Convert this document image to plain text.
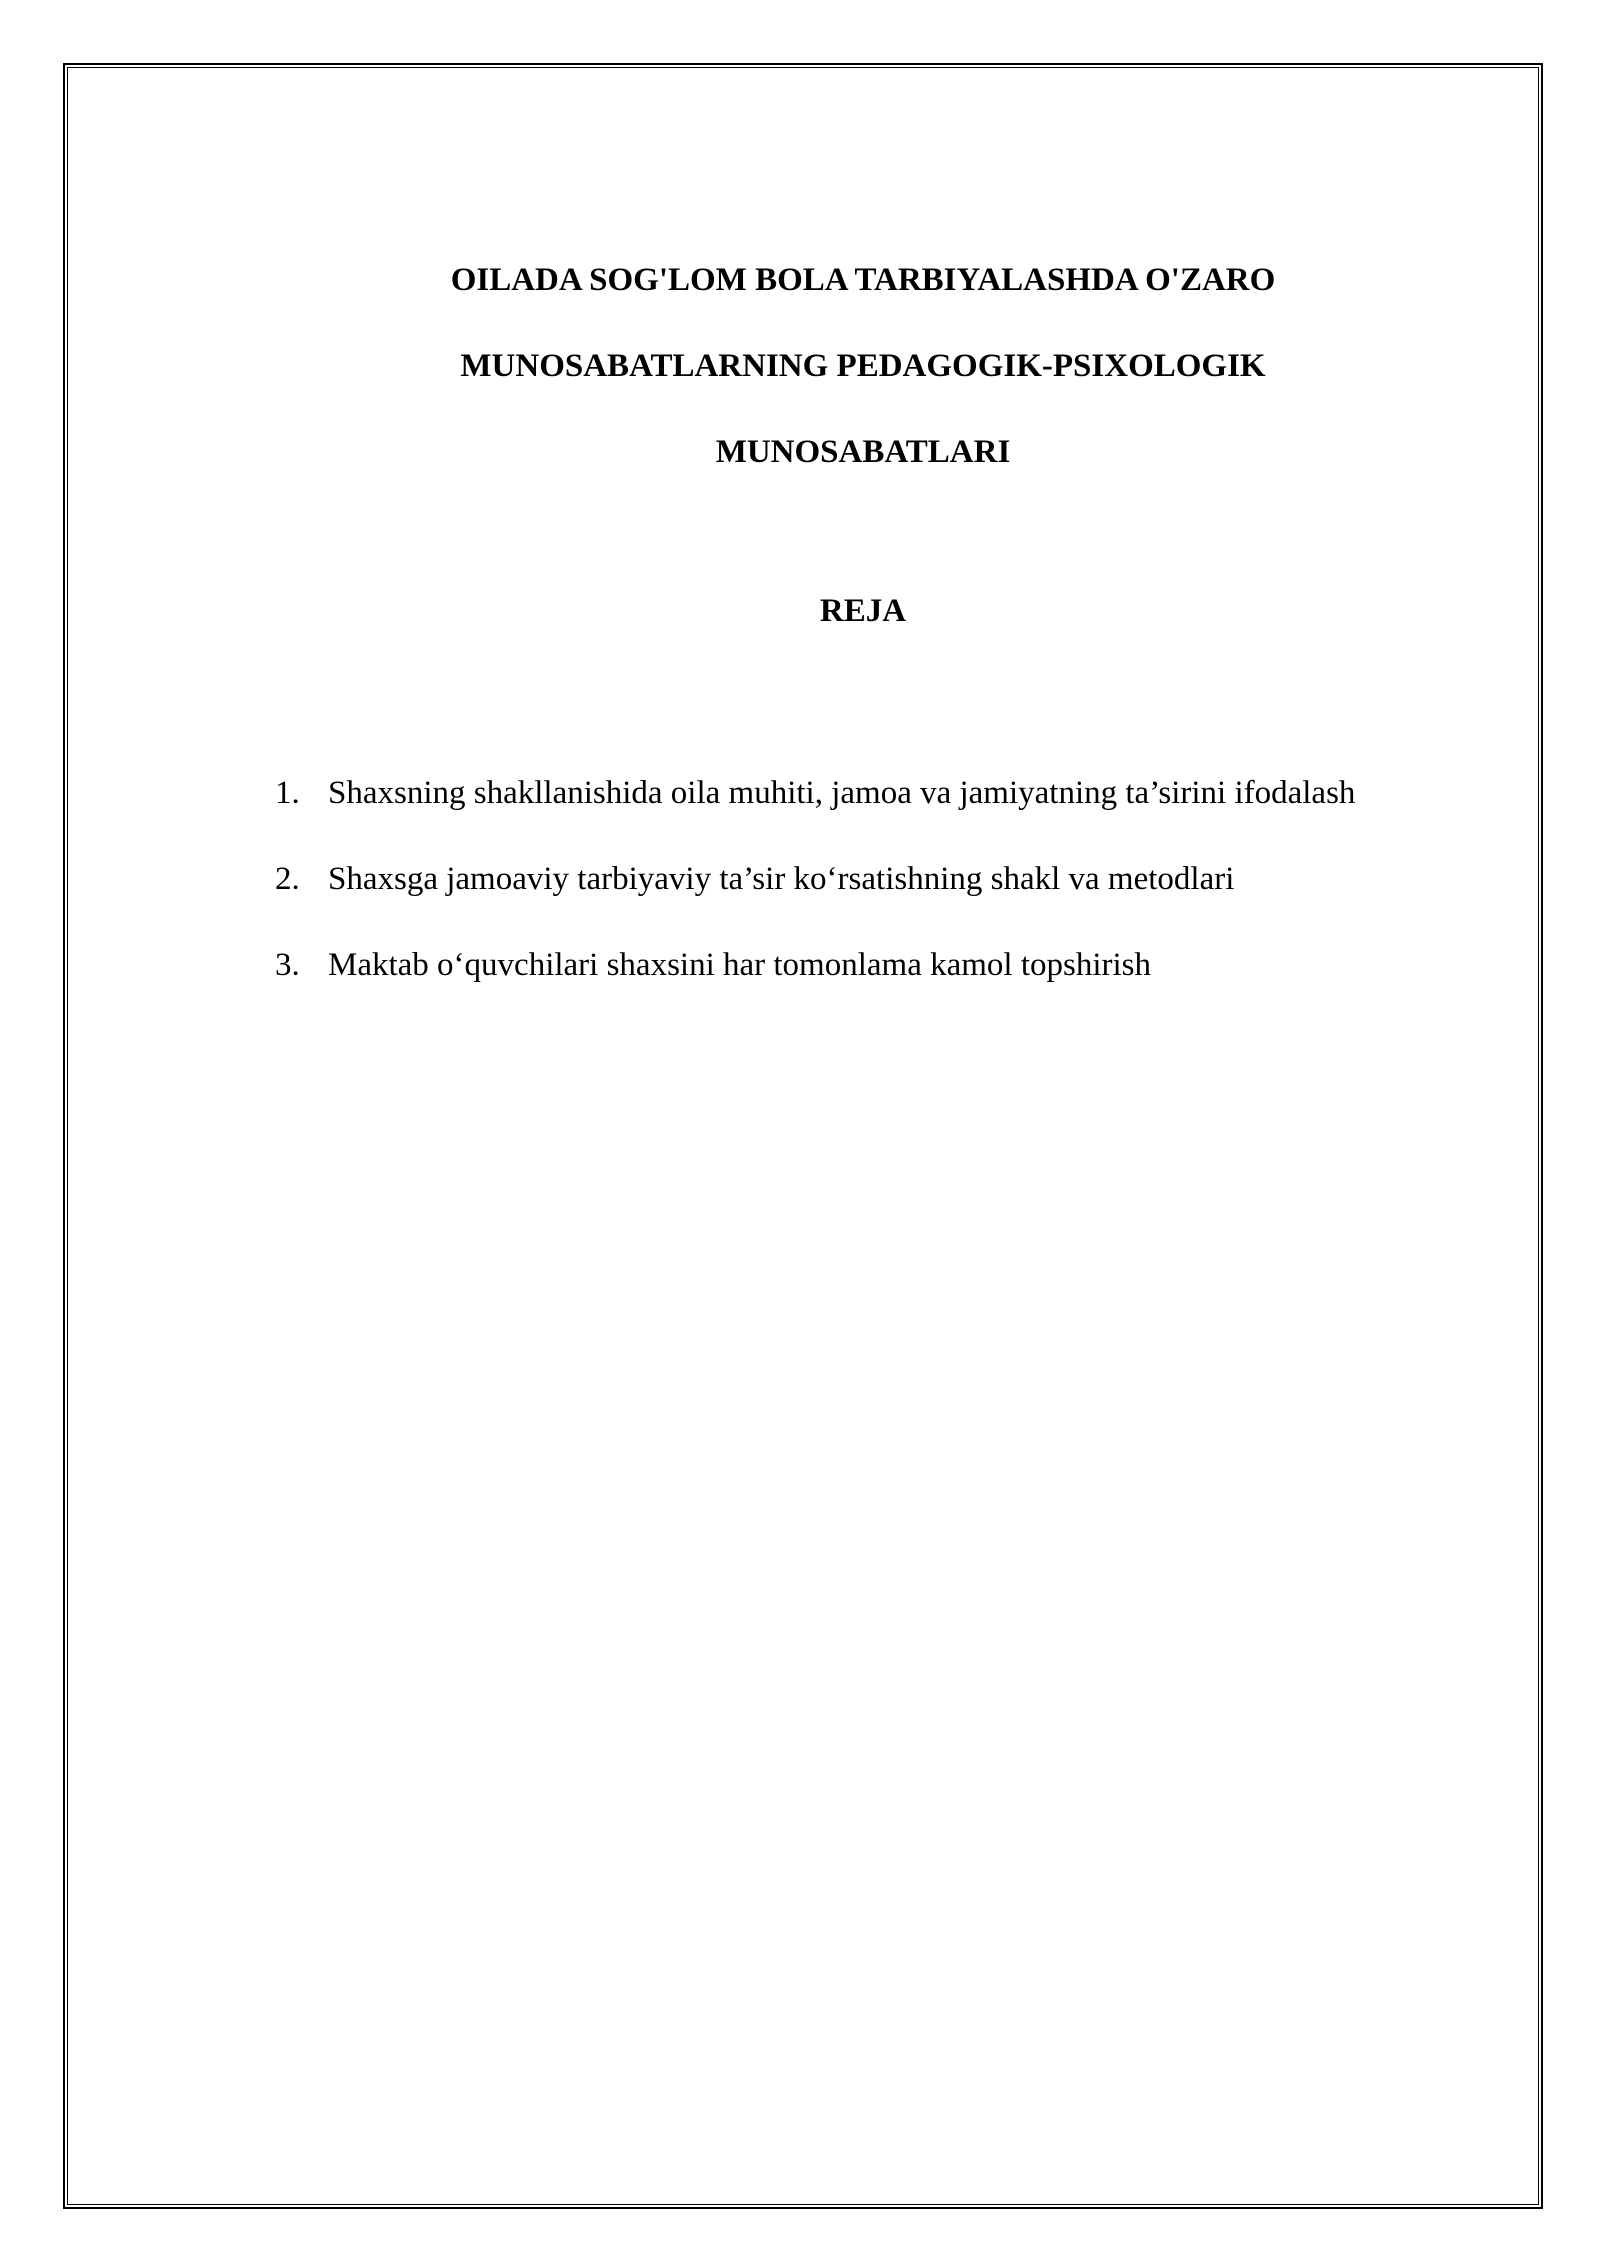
OILADA SOG'LOM BOLA TARBIYALASHDA O'ZARO
MUNOSABATLARNING PEDAGOGIK-PSIXOLOGIK
MUNOSABATLARI
REJA
1. Shaxsning shakllanishida oila muhiti, jamoa va jamiyatning ta’sirini ifodalash
2. Shaxsga jamoaviy tarbiyaviy ta’sir ko‘rsatishning shakl va metodlari
3. Maktab o‘quvchilari shaxsini har tomonlama kamol topshirish
